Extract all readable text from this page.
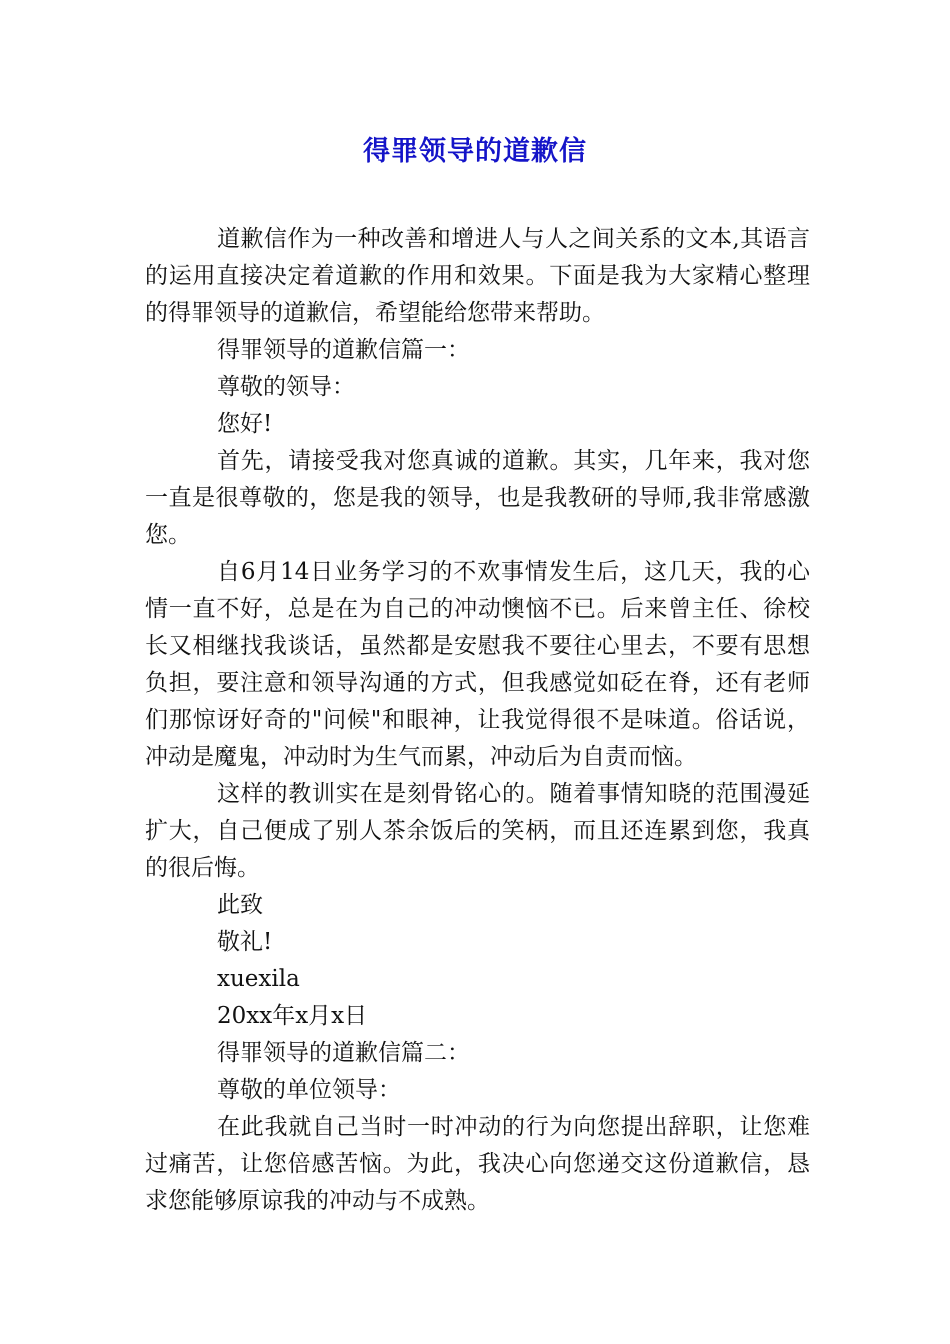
得罪领导的道歉信

道歉信作为一种改善和增进人与人之间关系的文本,其语言的运用直接决定着道歉的作用和效果。下面是我为大家精心整理的得罪领导的道歉信，希望能给您带来帮助。

得罪领导的道歉信篇一：

尊敬的领导：

您好!

首先，请接受我对您真诚的道歉。其实，几年来，我对您一直是很尊敬的，您是我的领导，也是我教研的导师,我非常感激您。

自6月14日业务学习的不欢事情发生后，这几天，我的心情一直不好，总是在为自己的冲动懊恼不已。后来曾主任、徐校长又相继找我谈话，虽然都是安慰我不要往心里去，不要有思想负担，要注意和领导沟通的方式，但我感觉如砭在脊，还有老师们那惊讶好奇的"问候"和眼神，让我觉得很不是味道。俗话说，冲动是魔鬼，冲动时为生气而累，冲动后为自责而恼。

这样的教训实在是刻骨铭心的。随着事情知晓的范围漫延扩大，自己便成了别人茶余饭后的笑柄，而且还连累到您，我真的很后悔。

此致

敬礼!

xuexila

20xx年x月x日

得罪领导的道歉信篇二：

尊敬的单位领导：

在此我就自己当时一时冲动的行为向您提出辞职，让您难过痛苦，让您倍感苦恼。为此，我决心向您递交这份道歉信，恳求您能够原谅我的冲动与不成熟。
